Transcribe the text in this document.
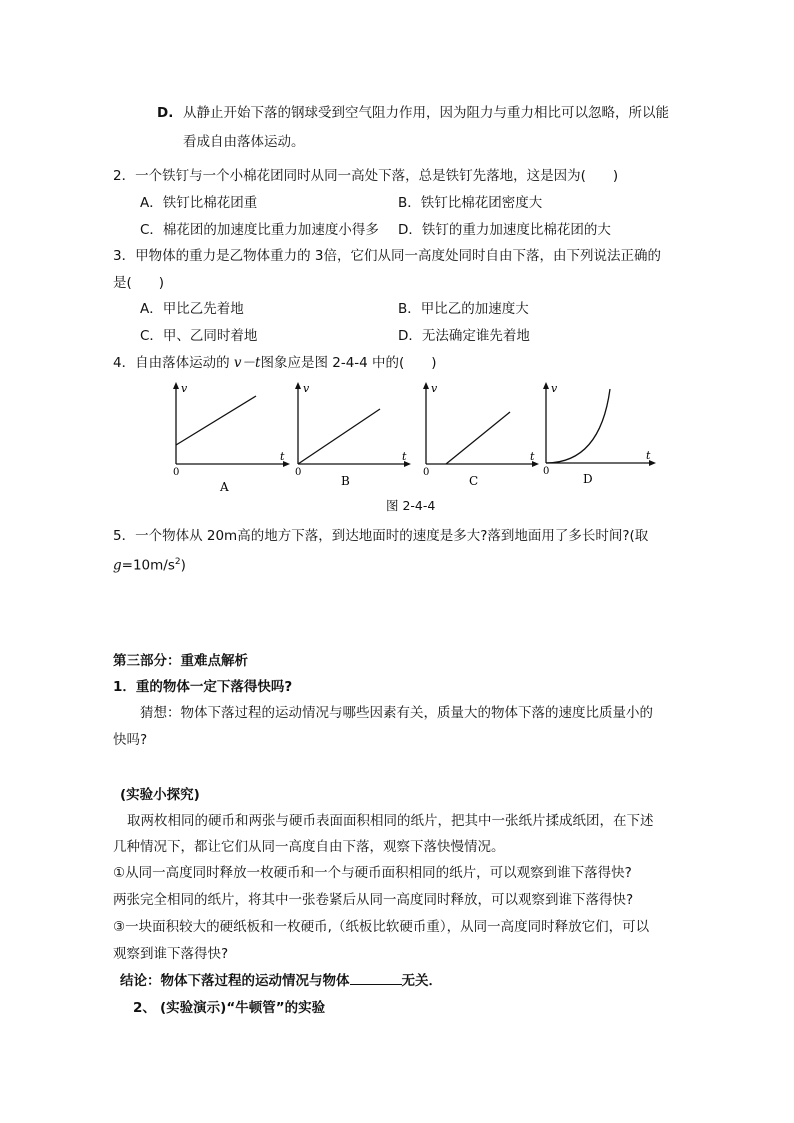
D. 从静止开始下落的钢球受到空气阻力作用，因为阻力与重力相比可以忽略，所以能
看成自由落体运动。
2．一个铁钉与一个小棉花团同时从同一高处下落，总是铁钉先落地，这是因为(　　)
A．铁钉比棉花团重	B．铁钉比棉花团密度大
C．棉花团的加速度比重力加速度小得多 D．铁钉的重力加速度比棉花团的大
3．甲物体的重力是乙物体重力的 3倍，它们从同一高度处同时自由下落，由下列说法正确的
是(　　)
A．甲比乙先着地	B．甲比乙的加速度大
C．甲、乙同时着地	D．无法确定谁先着地
4．自由落体运动的 v－t图象应是图 2-4-4 中的(　　)
v
t
0
A
v
t
0
B
v
t
0
C
v
t
0
D
图 2-4-4
5．一个物体从 20m高的地方下落，到达地面时的速度是多大?落到地面用了多长时间?(取
$g=10m/s^2$)
第三部分：重难点解析
1．重的物体一定下落得快吗?
猜想：物体下落过程的运动情况与哪些因素有关，质量大的物体下落的速度比质量小的
快吗?
(实验小探究)
取两枚相同的硬币和两张与硬币表面面积相同的纸片，把其中一张纸片揉成纸团，在下述
几种情况下，都让它们从同一高度自由下落，观察下落快慢情况。
①从同一高度同时释放一枚硬币和一个与硬币面积相同的纸片，可以观察到谁下落得快?
两张完全相同的纸片，将其中一张卷紧后从同一高度同时释放，可以观察到谁下落得快?
③一块面积较大的硬纸板和一枚硬币,（纸板比软硬币重），从同一高度同时释放它们，可以
观察到谁下落得快?
结论：物体下落过程的运动情况与物体	无关．
2、 (实验演示)“牛顿管”的实验
